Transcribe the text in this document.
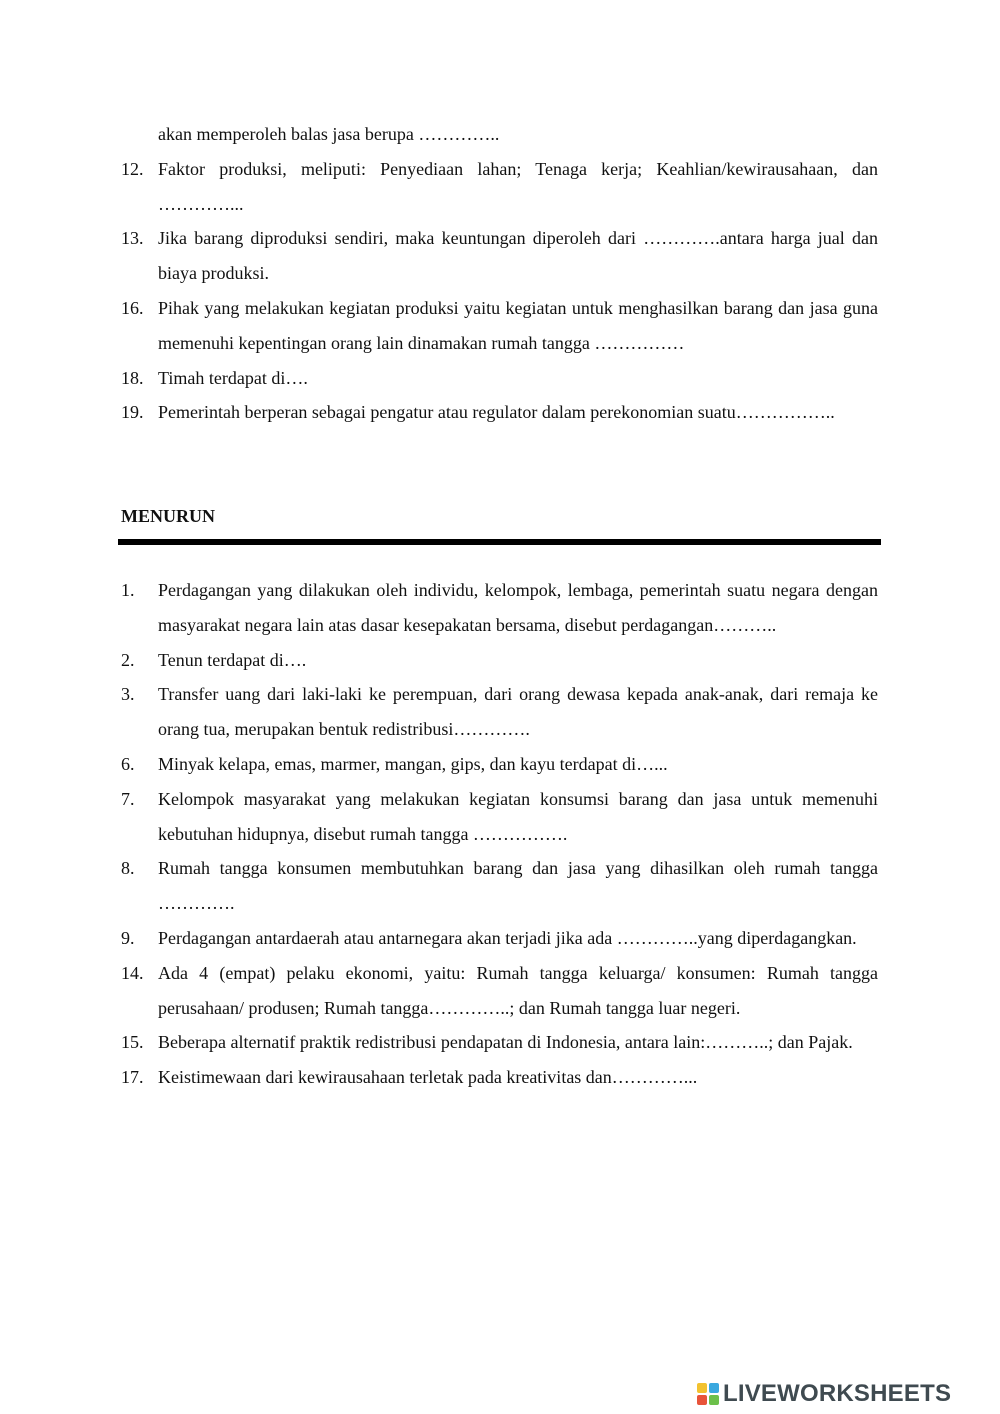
akan memperoleh balas jasa berupa …………..
12. Faktor produksi, meliputi: Penyediaan lahan; Tenaga kerja; Keahlian/kewirausahaan, dan …………...
13. Jika barang diproduksi sendiri, maka keuntungan diperoleh dari ………….antara harga jual dan biaya produksi.
16. Pihak yang melakukan kegiatan produksi yaitu kegiatan untuk menghasilkan barang dan jasa guna memenuhi kepentingan orang lain dinamakan rumah tangga ……………
18. Timah terdapat di….
19. Pemerintah berperan sebagai pengatur atau regulator dalam perekonomian suatu……………..
MENURUN
1.	Perdagangan yang dilakukan oleh individu, kelompok, lembaga, pemerintah suatu negara dengan masyarakat negara lain atas dasar kesepakatan bersama, disebut perdagangan………..
2.	Tenun terdapat di….
3.	Transfer uang dari laki-laki ke perempuan, dari orang dewasa kepada anak-anak, dari remaja ke orang tua, merupakan bentuk redistribusi………….
6.	Minyak kelapa, emas, marmer, mangan, gips, dan kayu terdapat di…...
7.	Kelompok masyarakat yang melakukan kegiatan konsumsi barang dan jasa untuk memenuhi kebutuhan hidupnya, disebut rumah tangga …………….
8.	Rumah tangga konsumen membutuhkan barang dan jasa yang dihasilkan oleh rumah tangga ………….
9.	Perdagangan antardaerah atau antarnegara akan terjadi jika ada …………..yang diperdagangkan.
14. Ada 4 (empat) pelaku ekonomi, yaitu: Rumah tangga keluarga/ konsumen: Rumah tangga perusahaan/ produsen; Rumah tangga…………..; dan Rumah tangga luar negeri.
15. Beberapa alternatif praktik redistribusi pendapatan di Indonesia, antara lain:………..; dan Pajak.
17. Keistimewaan dari kewirausahaan terletak pada kreativitas dan…………...
LIVEWORKSHEETS
